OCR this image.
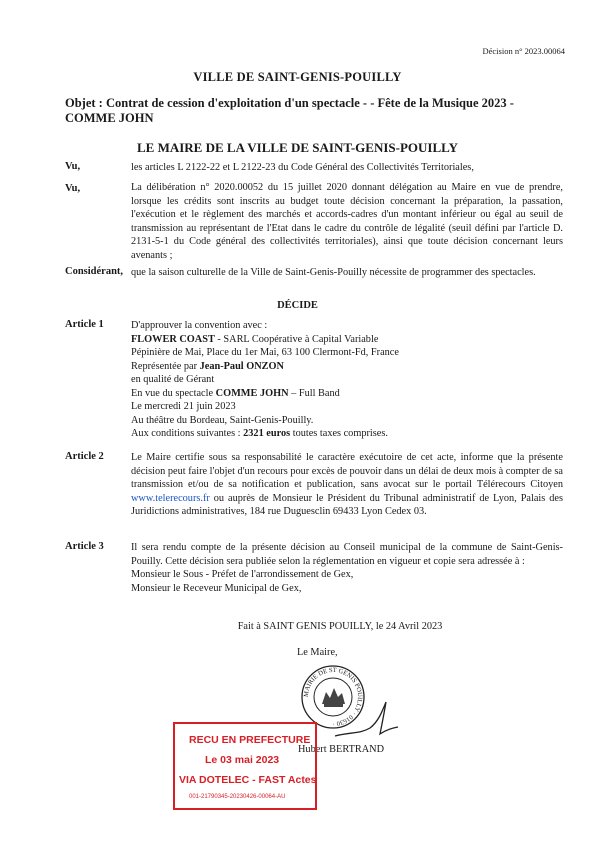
Décision n° 2023.00064
VILLE DE SAINT-GENIS-POUILLY
Objet : Contrat de cession d'exploitation d'un spectacle - - Fête de la Musique 2023 - COMME JOHN
LE MAIRE DE LA VILLE DE SAINT-GENIS-POUILLY
Vu,	les articles L 2122-22 et L 2122-23 du Code Général des Collectivités Territoriales,
Vu,	La délibération n° 2020.00052 du 15 juillet 2020 donnant délégation au Maire en vue de prendre, lorsque les crédits sont inscrits au budget toute décision concernant la préparation, la passation, l'exécution et le règlement des marchés et accords-cadres d'un montant inférieur ou égal au seuil de transmission au représentant de l'Etat dans le cadre du contrôle de légalité (seuil défini par l'article D. 2131-5-1 du Code général des collectivités territoriales), ainsi que toute décision concernant leurs avenants ;
Considérant, que la saison culturelle de la Ville de Saint-Genis-Pouilly nécessite de programmer des spectacles.
DÉCIDE
Article 1	D'approuver la convention avec :
FLOWER COAST - SARL Coopérative à Capital Variable
Pépinière de Mai, Place du 1er Mai, 63 100 Clermont-Fd, France
Représentée par Jean-Paul ONZON
en qualité de Gérant
En vue du spectacle COMME JOHN – Full Band
Le mercredi 21 juin 2023
Au théâtre du Bordeau, Saint-Genis-Pouilly.
Aux conditions suivantes : 2321 euros toutes taxes comprises.
Article 2	Le Maire certifie sous sa responsabilité le caractère exécutoire de cet acte, informe que la présente décision peut faire l'objet d'un recours pour excès de pouvoir dans un délai de deux mois à compter de sa transmission et/ou de sa notification et publication, sans avocat sur le portail Télérecours Citoyen www.telerecours.fr ou auprès de Monsieur le Président du Tribunal administratif de Lyon, Palais des Juridictions administratives, 184 rue Duguesclin 69433 Lyon Cedex 03.
Article 3	Il sera rendu compte de la présente décision au Conseil municipal de la commune de Saint-Genis-Pouilly. Cette décision sera publiée selon la réglementation en vigueur et copie sera adressée à :
Monsieur le Sous - Préfet de l'arrondissement de Gex,
Monsieur le Receveur Municipal de Gex,
Fait à SAINT GENIS POUILLY, le 24 Avril 2023
Le Maire,
MAIRIE DE ST GENIS POUILLY · 01630 ·
Hubert BERTRAND
RECU EN PREFECTURE
Le 03 mai 2023
VIA DOTELEC - FAST Actes
001-21790345-20230426-00064-AU
